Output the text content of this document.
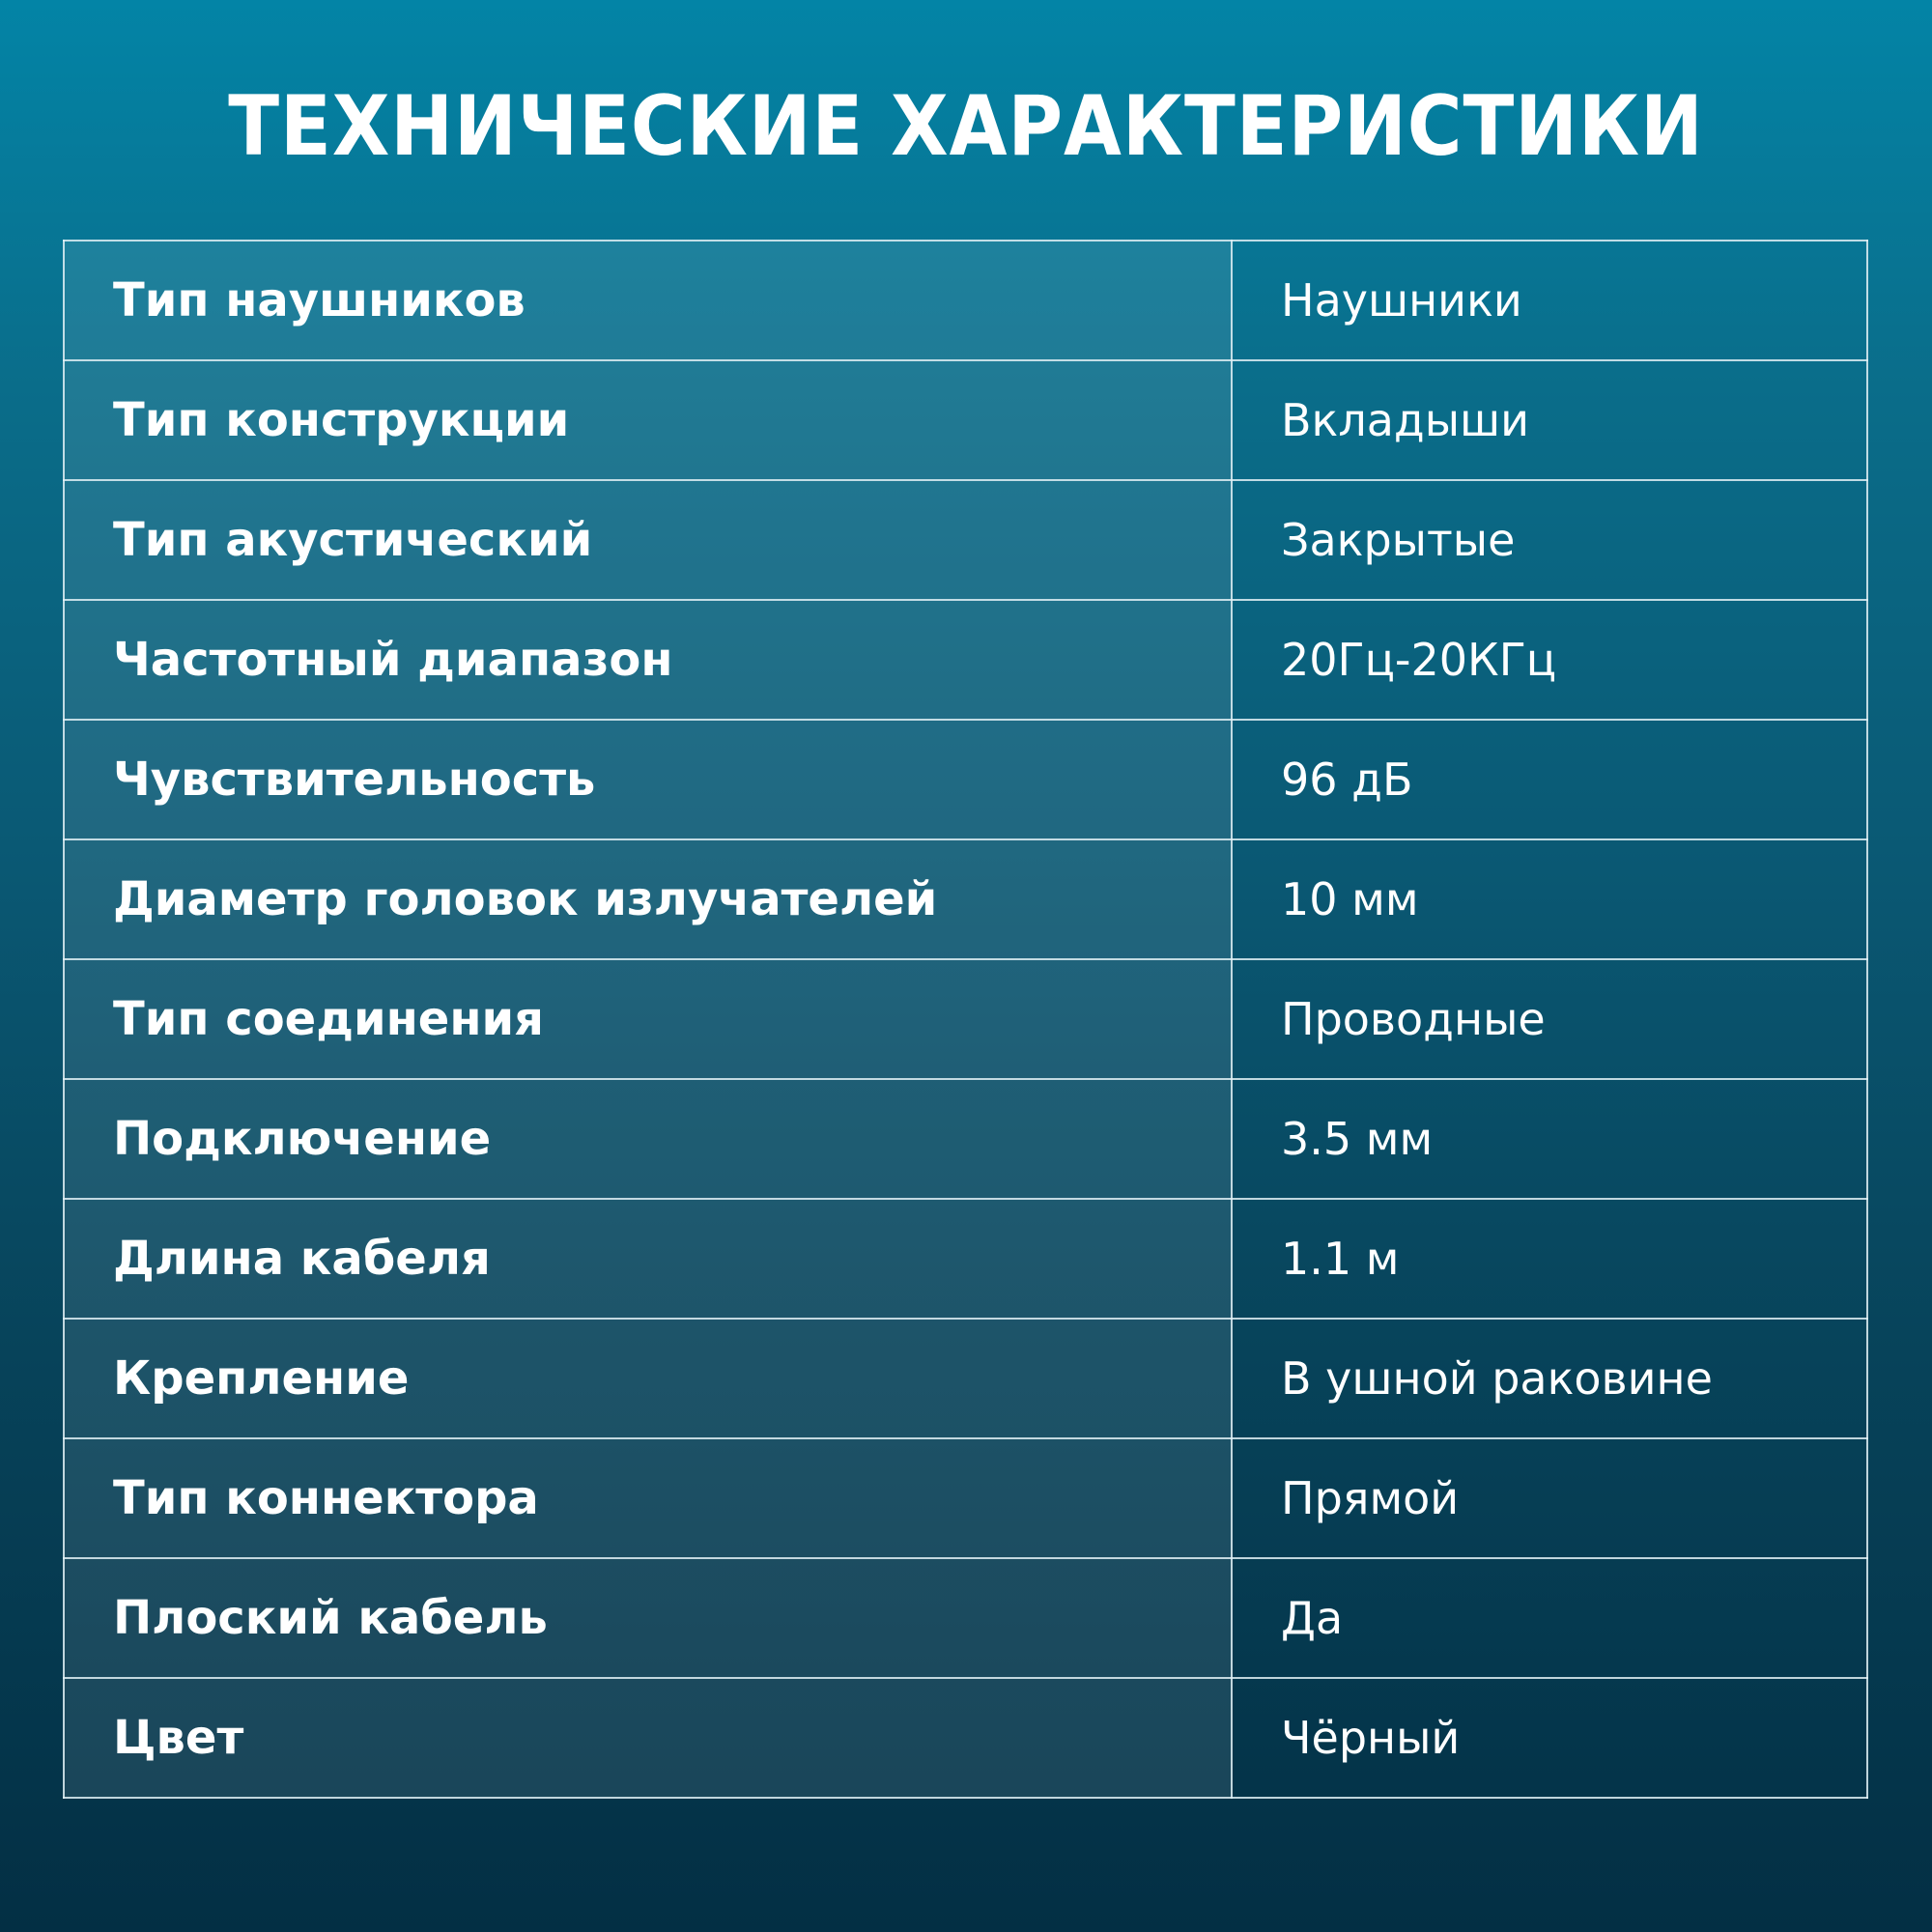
ТЕХНИЧЕСКИЕ ХАРАКТЕРИСТИКИ
Тип наушников	Наушники
Тип конструкции	Вкладыши
Тип акустический	Закрытые
Частотный диапазон	20Гц-20КГц
Чувствительность	96 дБ
Диаметр головок излучателей	10 мм
Тип соединения	Проводные
Подключение	3.5 мм
Длина кабеля	1.1 м
Крепление	В ушной раковине
Тип коннектора	Прямой
Плоский кабель	Да
Цвет	Чёрный
